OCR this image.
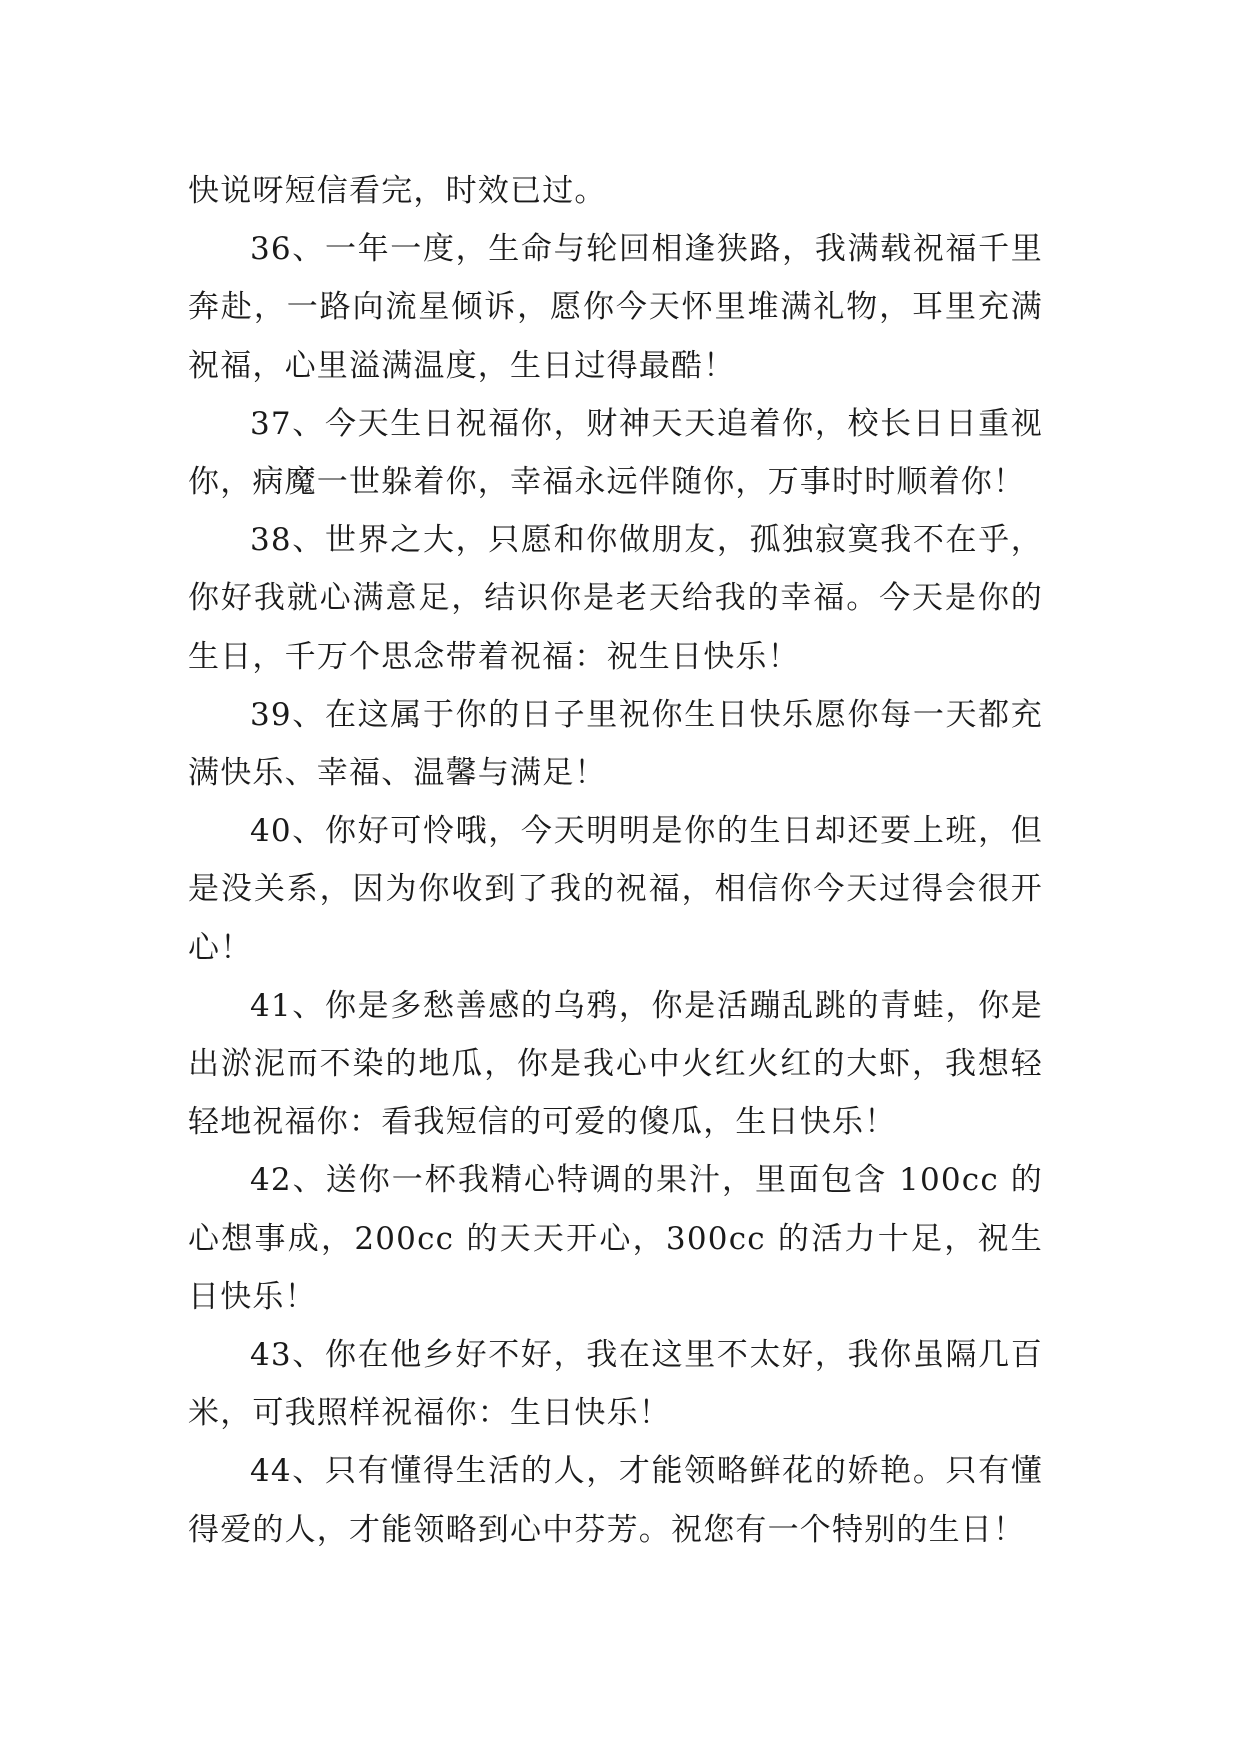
快说呀短信看完，时效已过。

36、一年一度，生命与轮回相逢狭路，我满载祝福千里奔赴，一路向流星倾诉，愿你今天怀里堆满礼物，耳里充满祝福，心里溢满温度，生日过得最酷！

37、今天生日祝福你，财神天天追着你，校长日日重视你，病魔一世躲着你，幸福永远伴随你，万事时时顺着你！

38、世界之大，只愿和你做朋友，孤独寂寞我不在乎，你好我就心满意足，结识你是老天给我的幸福。今天是你的生日，千万个思念带着祝福：祝生日快乐！

39、在这属于你的日子里祝你生日快乐愿你每一天都充满快乐、幸福、温馨与满足！

40、你好可怜哦，今天明明是你的生日却还要上班，但是没关系，因为你收到了我的祝福，相信你今天过得会很开心！

41、你是多愁善感的乌鸦，你是活蹦乱跳的青蛙，你是出淤泥而不染的地瓜，你是我心中火红火红的大虾，我想轻轻地祝福你：看我短信的可爱的傻瓜，生日快乐！

42、送你一杯我精心特调的果汁，里面包含 100cc 的心想事成，200cc 的天天开心，300cc 的活力十足，祝生日快乐！

43、你在他乡好不好，我在这里不太好，我你虽隔几百米，可我照样祝福你：生日快乐！

44、只有懂得生活的人，才能领略鲜花的娇艳。只有懂得爱的人，才能领略到心中芬芳。祝您有一个特别的生日！
